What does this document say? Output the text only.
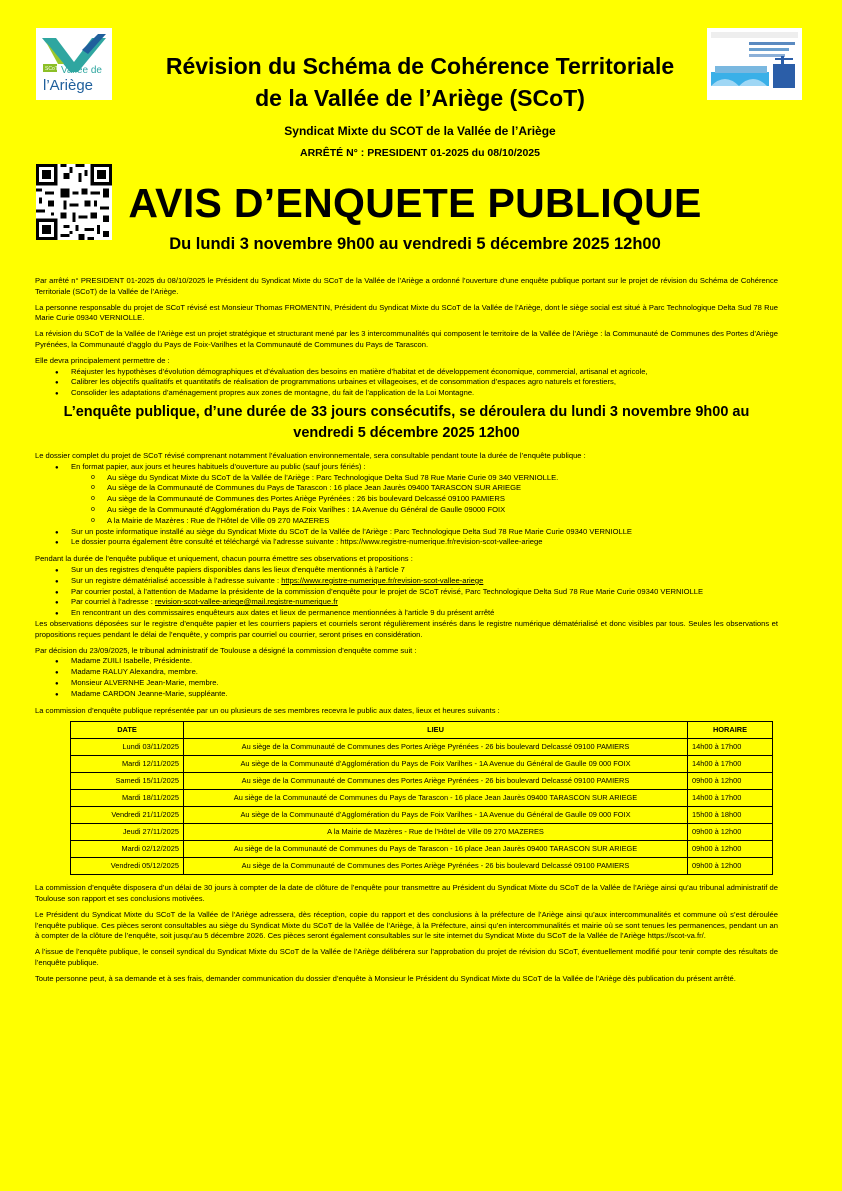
SCoT Vallée de
l’Ariège
Révision du Schéma de Cohérence Territoriale
de la Vallée de l’Ariège (SCoT)
Syndicat Mixte du SCOT de la Vallée de l’Ariège
ARRÊTÉ N° : PRESIDENT 01-2025 du 08/10/2025
AVIS D’ENQUETE PUBLIQUE
Du lundi 3 novembre 9h00 au vendredi 5 décembre 2025 12h00

Par arrêté n° PRESIDENT 01-2025 du 08/10/2025 le Président du Syndicat Mixte du SCoT de la Vallée de l’Ariège a ordonné l’ouverture d’une enquête publique portant sur le projet de révision du Schéma de Cohérence Territoriale (SCoT) de la Vallée de l’Ariège.

La personne responsable du projet de SCoT révisé est Monsieur Thomas FROMENTIN, Président du Syndicat Mixte du SCoT de la Vallée de l’Ariège, dont le siège social est situé à Parc Technologique Delta Sud 78 Rue Marie Curie 09340 VERNIOLLE.

La révision du SCoT de la Vallée de l’Ariège est un projet stratégique et structurant mené par les 3 intercommunalités qui composent le territoire de la Vallée de l’Ariège : la Communauté de Communes des Portes d’Ariège Pyrénées, la Communauté d’agglo du Pays de Foix-Varilhes et la Communauté de Communes du Pays de Tarascon.

Elle devra principalement permettre de :

● Réajuster les hypothèses d’évolution démographiques et d’évaluation des besoins en matière d’habitat et de développement économique, commercial, artisanal et agricole,
● Calibrer les objectifs qualitatifs et quantitatifs de réalisation de programmations urbaines et villageoises, et de consommation d’espaces agro naturels et forestiers,
● Consolider les adaptations d’aménagement propres aux zones de montagne, du fait de l’application de la Loi Montagne.
L’enquête publique, d’une durée de 33 jours consécutifs, se déroulera du lundi 3 novembre 9h00 au vendredi 5 décembre 2025 12h00

Le dossier complet du projet de SCoT révisé comprenant notamment l’évaluation environnementale, sera consultable pendant toute la durée de l’enquête publique :

● En format papier, aux jours et heures habituels d’ouverture au public (sauf jours fériés) :
o Au siège du Syndicat Mixte du SCoT de la Vallée de l’Ariège : Parc Technologique Delta Sud 78 Rue Marie Curie 09 340 VERNIOLLE.
o Au siège de la Communauté de Communes du Pays de Tarascon : 16 place Jean Jaurès 09400 TARASCON SUR ARIEGE
o Au siège de la Communauté de Communes des Portes Ariège Pyrénées : 26 bis boulevard Delcassé 09100 PAMIERS
o Au siège de la Communauté d’Agglomération du Pays de Foix Varilhes : 1A Avenue du Général de Gaulle 09000 FOIX
o A la Mairie de Mazères : Rue de l’Hôtel de Ville 09 270 MAZERES
● Sur un poste informatique installé au siège du Syndicat Mixte du SCoT de la Vallée de l’Ariège : Parc Technologique Delta Sud 78 Rue Marie Curie 09340 VERNIOLLE
● Le dossier pourra également être consulté et téléchargé via l’adresse suivante : https://www.registre-numerique.fr/revision-scot-vallee-ariege

Pendant la durée de l’enquête publique et uniquement, chacun pourra émettre ses observations et propositions :

● Sur un des registres d’enquête papiers disponibles dans les lieux d’enquête mentionnés à l’article 7
● Sur un registre dématérialisé accessible à l’adresse suivante : https://www.registre-numerique.fr/revision-scot-vallee-ariege
● Par courrier postal, à l’attention de Madame la présidente de la commission d’enquête pour le projet de SCoT révisé, Parc Technologique Delta Sud 78 Rue Marie Curie 09340 VERNIOLLE
● Par courriel à l’adresse : revision-scot-vallee-ariege@mail.registre-numerique.fr
● En rencontrant un des commissaires enquêteurs aux dates et lieux de permanence mentionnées à l’article 9 du présent arrêté

Les observations déposées sur le registre d’enquête papier et les courriers papiers et courriels seront régulièrement insérés dans le registre numérique dématérialisé et donc visibles par tous. Seules les observations et propositions reçues pendant le délai de l’enquête, y compris par courriel ou courrier, seront prises en considération.

Par décision du 23/09/2025, le tribunal administratif de Toulouse a désigné la commission d’enquête comme suit :

● Madame ZUILI Isabelle, Présidente.
● Madame RALUY Alexandra, membre.
● Monsieur ALVERNHE Jean-Marie, membre.
● Madame CARDON Jeanne-Marie, suppléante.

La commission d’enquête publique représentée par un ou plusieurs de ses membres recevra le public aux dates, lieux et heures suivants :

DATE	LIEU	HORAIRE
Lundi 03/11/2025	Au siège de la Communauté de Communes des Portes Ariège Pyrénées - 26 bis boulevard Delcassé 09100 PAMIERS	14h00 à 17h00
Mardi 12/11/2025	Au siège de la Communauté d’Agglomération du Pays de Foix Varilhes - 1A Avenue du Général de Gaulle 09 000 FOIX	14h00 à 17h00
Samedi 15/11/2025	Au siège de la Communauté de Communes des Portes Ariège Pyrénées - 26 bis boulevard Delcassé 09100 PAMIERS	09h00 à 12h00
Mardi 18/11/2025	Au siège de la Communauté de Communes du Pays de Tarascon - 16 place Jean Jaurès 09400 TARASCON SUR ARIEGE	14h00 à 17h00
Vendredi 21/11/2025	Au siège de la Communauté d’Agglomération du Pays de Foix Varilhes - 1A Avenue du Général de Gaulle 09 000 FOIX	15h00 à 18h00
Jeudi 27/11/2025	A la Mairie de Mazères - Rue de l’Hôtel de Ville 09 270 MAZERES	09h00 à 12h00
Mardi 02/12/2025	Au siège de la Communauté de Communes du Pays de Tarascon - 16 place Jean Jaurès 09400 TARASCON SUR ARIEGE	09h00 à 12h00
Vendredi 05/12/2025	Au siège de la Communauté de Communes des Portes Ariège Pyrénées - 26 bis boulevard Delcassé 09100 PAMIERS	09h00 à 12h00

La commission d’enquête disposera d’un délai de 30 jours à compter de la date de clôture de l’enquête pour transmettre au Président du Syndicat Mixte du SCoT de la Vallée de l’Ariège ainsi qu’au tribunal administratif de Toulouse son rapport et ses conclusions motivées.

Le Président du Syndicat Mixte du SCoT de la Vallée de l’Ariège adressera, dès réception, copie du rapport et des conclusions à la préfecture de l’Ariège ainsi qu’aux intercommunalités et commune où s’est déroulée l’enquête publique. Ces pièces seront consultables au siège du Syndicat Mixte du SCoT de la Vallée de l’Ariège, à la Préfecture, ainsi qu’en intercommunalités et mairie où se sont tenues les permanences, pendant un an à compter de la clôture de l’enquête, soit jusqu’au 5 décembre 2026. Ces pièces seront également consultables sur le site internet du Syndicat Mixte du SCoT de la Vallée de l’Ariège https://scot-va.fr/.

A l’issue de l’enquête publique, le conseil syndical du Syndicat Mixte du SCoT de la Vallée de l’Ariège délibérera sur l’approbation du projet de révision du SCoT, éventuellement modifié pour tenir compte des résultats de l’enquête publique.

Toute personne peut, à sa demande et à ses frais, demander communication du dossier d’enquête à Monsieur le Président du Syndicat Mixte du SCoT de la Vallée de l’Ariège dès publication du présent arrêté.
